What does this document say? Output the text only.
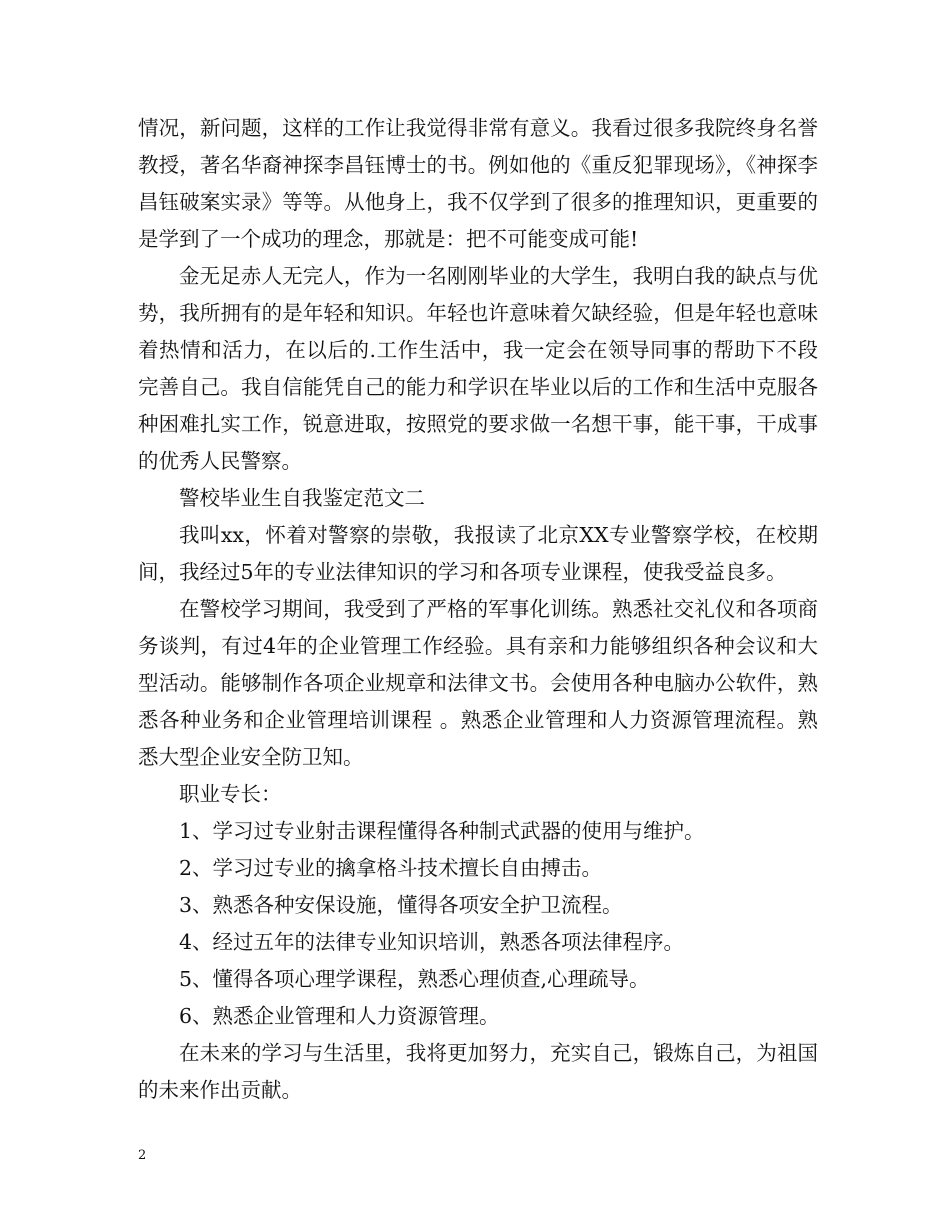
情况，新问题，这样的工作让我觉得非常有意义。我看过很多我院终身名誉教授，著名华裔神探李昌钰博士的书。例如他的《重反犯罪现场》，《神探李昌钰破案实录》等等。从他身上，我不仅学到了很多的推理知识，更重要的是学到了一个成功的理念，那就是：把不可能变成可能!

金无足赤人无完人，作为一名刚刚毕业的大学生，我明白我的缺点与优势，我所拥有的是年轻和知识。年轻也许意味着欠缺经验，但是年轻也意味着热情和活力，在以后的.工作生活中，我一定会在领导同事的帮助下不段完善自己。我自信能凭自己的能力和学识在毕业以后的工作和生活中克服各种困难扎实工作，锐意进取，按照党的要求做一名想干事，能干事，干成事的优秀人民警察。

警校毕业生自我鉴定范文二

我叫xx，怀着对警察的崇敬，我报读了北京XX专业警察学校，在校期间，我经过5年的专业法律知识的学习和各项专业课程，使我受益良多。

在警校学习期间，我受到了严格的军事化训练。熟悉社交礼仪和各项商务谈判，有过4年的企业管理工作经验。具有亲和力能够组织各种会议和大型活动。能够制作各项企业规章和法律文书。会使用各种电脑办公软件，熟悉各种业务和企业管理培训课程 。熟悉企业管理和人力资源管理流程。熟悉大型企业安全防卫知。

职业专长：

1、学习过专业射击课程懂得各种制式武器的使用与维护。

2、学习过专业的擒拿格斗技术擅长自由搏击。

3、熟悉各种安保设施，懂得各项安全护卫流程。

4、经过五年的法律专业知识培训，熟悉各项法律程序。

5、懂得各项心理学课程，熟悉心理侦查,心理疏导。

6、熟悉企业管理和人力资源管理。

在未来的学习与生活里，我将更加努力，充实自己，锻炼自己，为祖国的未来作出贡献。

2
